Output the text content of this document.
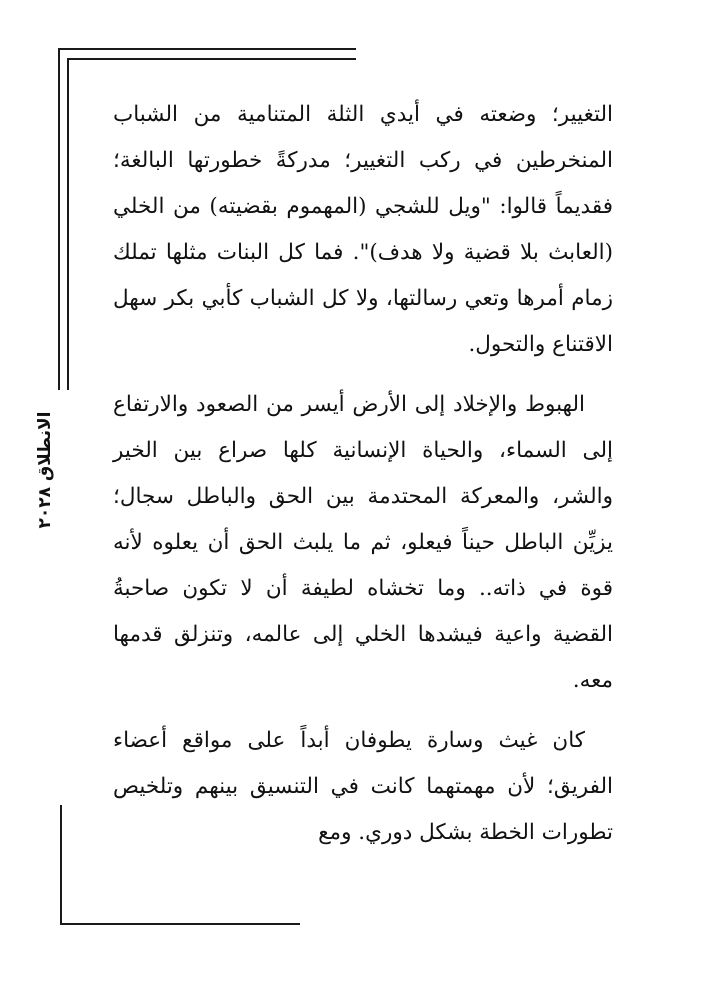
الانطلاق ٢٠٢٨

التغيير؛ وضعته في أيدي الثلة المتنامية من الشباب المنخرطين في ركب التغيير؛ مدركةً خطورتها البالغة؛ فقديماً قالوا: "ويل للشجي (المهموم بقضيته) من الخلي (العابث بلا قضية ولا هدف)". فما كل البنات مثلها تملك زمام أمرها وتعي رسالتها، ولا كل الشباب كأبي بكر سهل الاقتناع والتحول.

الهبوط والإخلاد إلى الأرض أيسر من الصعود والارتفاع إلى السماء، والحياة الإنسانية كلها صراع بين الخير والشر، والمعركة المحتدمة بين الحق والباطل سجال؛ يزيِّن الباطل حيناً فيعلو، ثم ما يلبث الحق أن يعلوه لأنه قوة في ذاته.. وما تخشاه لطيفة أن لا تكون صاحبةُ القضية واعية فيشدها الخلي إلى عالمه، وتنزلق قدمها معه.

كان غيث وسارة يطوفان أبداً على مواقع أعضاء الفريق؛ لأن مهمتهما كانت في التنسيق بينهم وتلخيص تطورات الخطة بشكل دوري. ومع
